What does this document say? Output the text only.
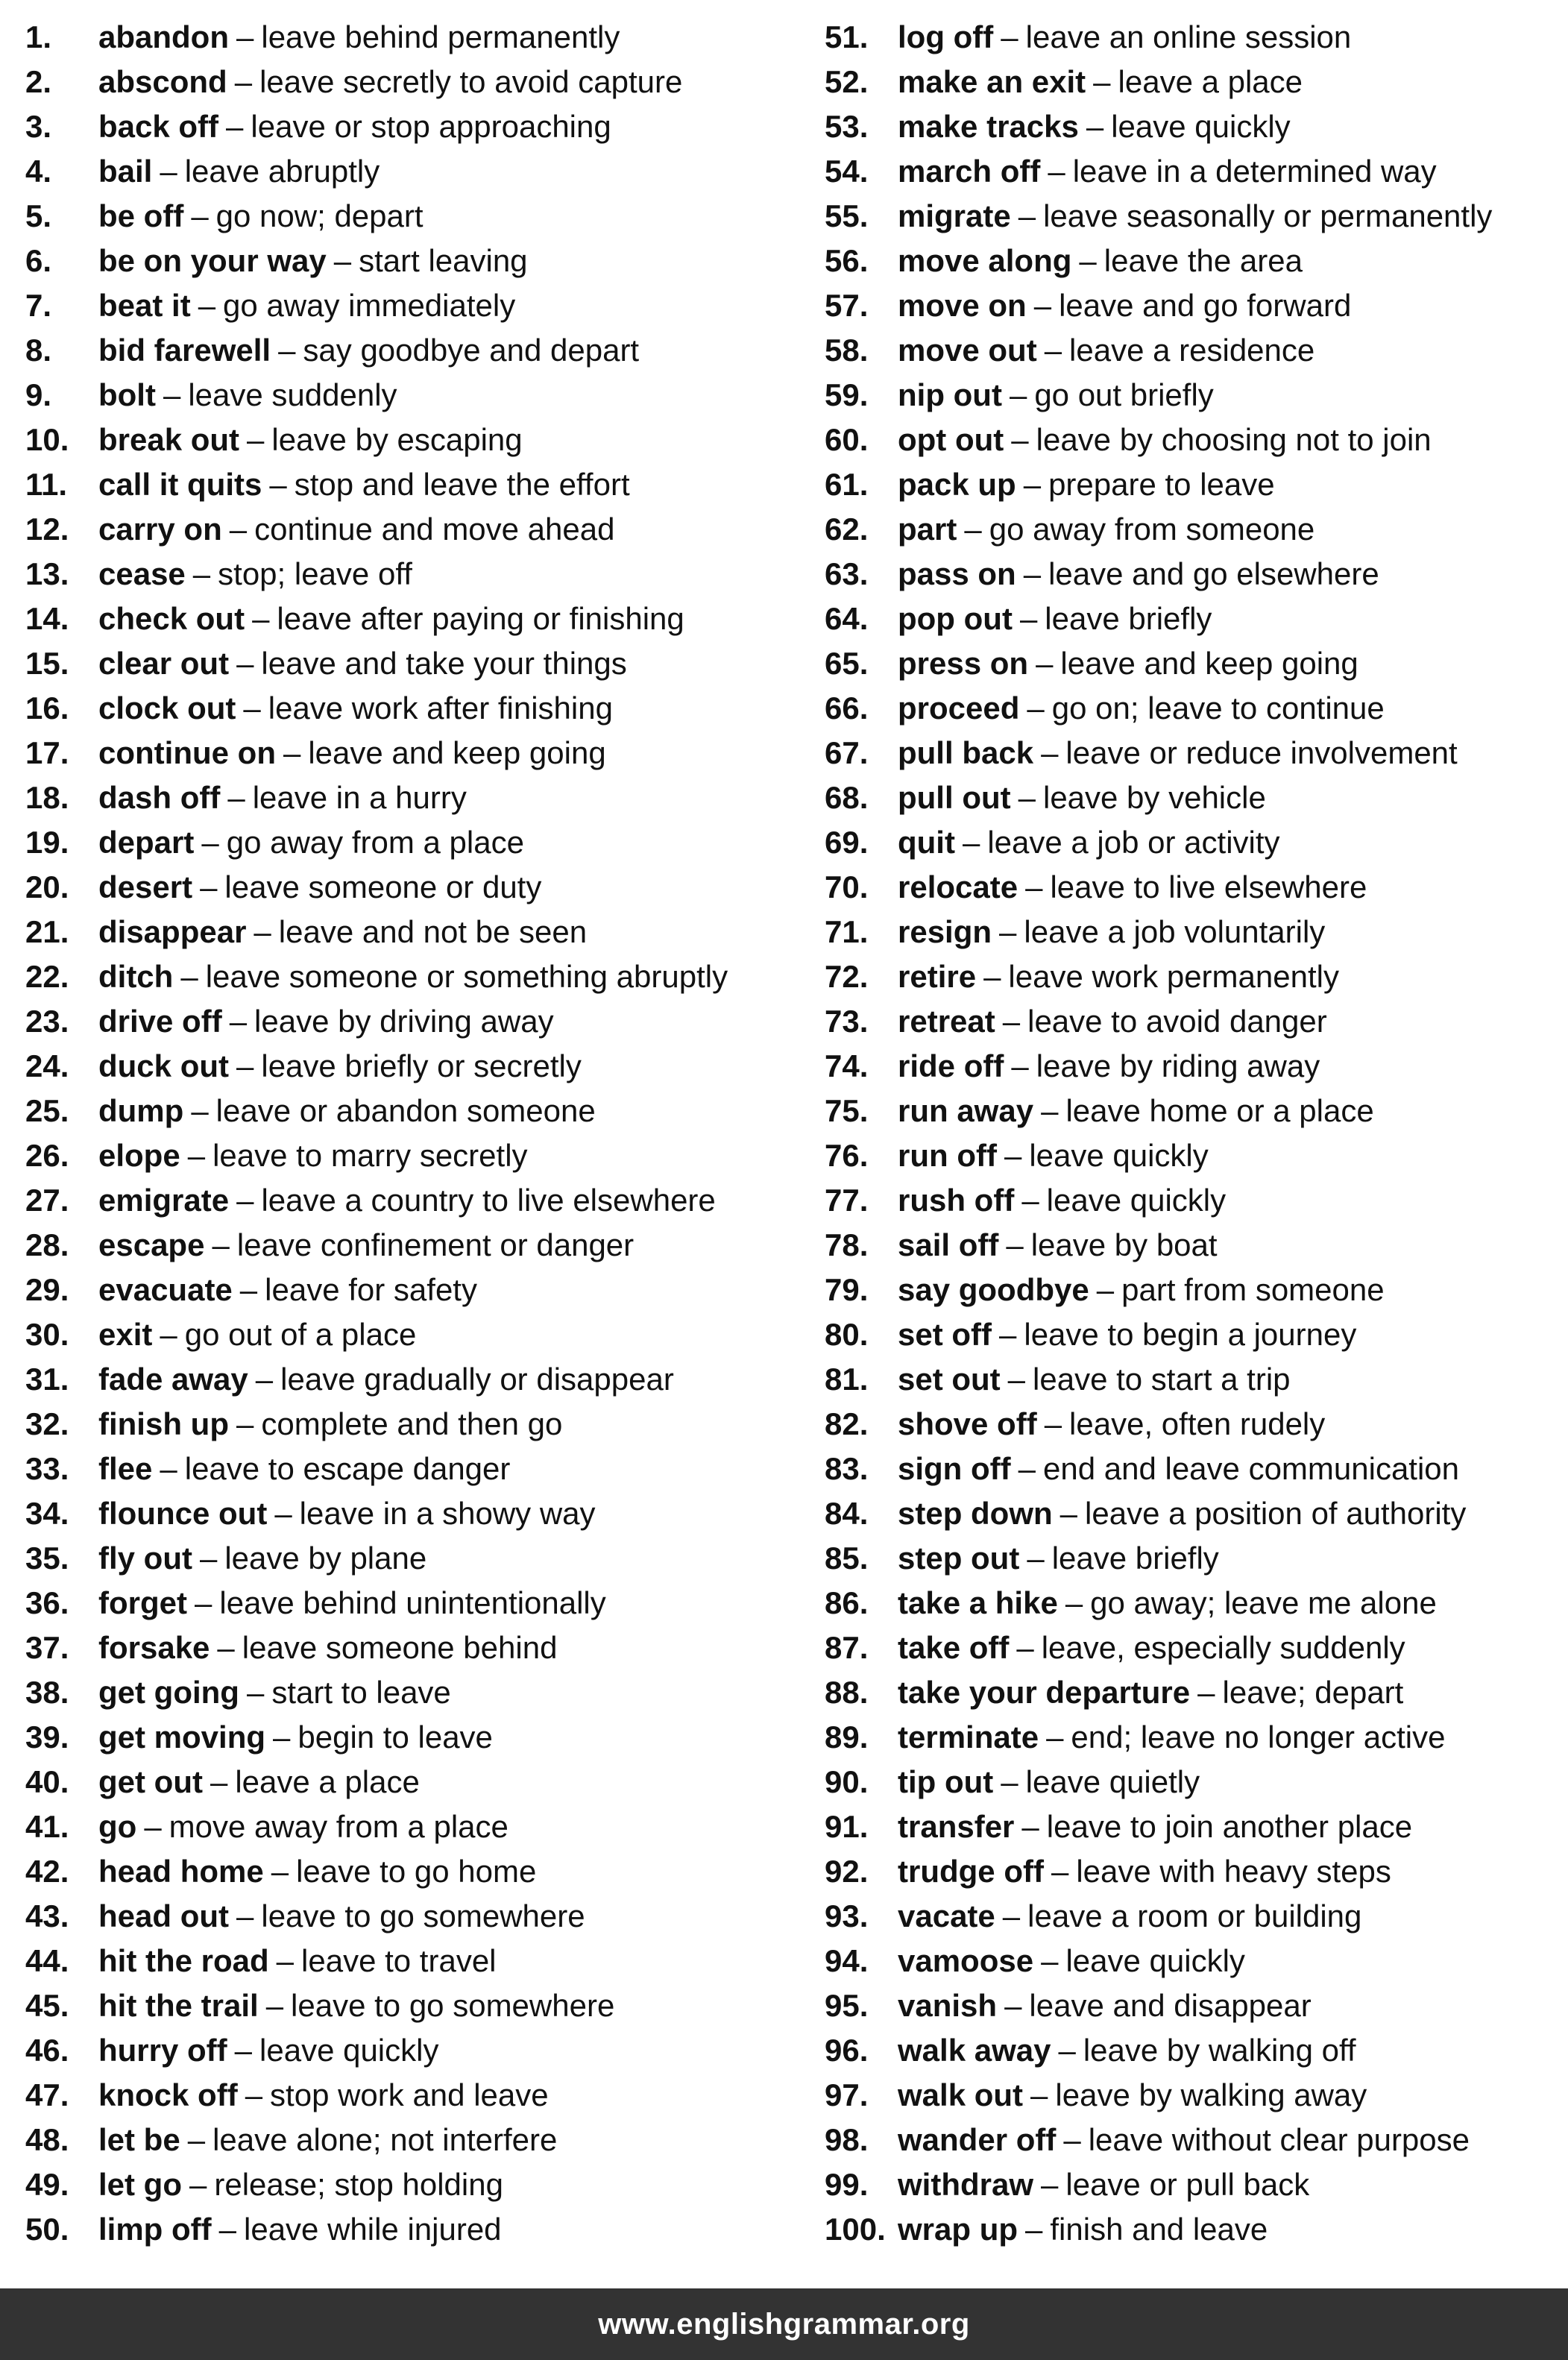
1.	abandon – leave behind permanently
2.	abscond – leave secretly to avoid capture
3.	back off – leave or stop approaching
4.	bail – leave abruptly
5.	be off – go now; depart
6.	be on your way – start leaving
7.	beat it – go away immediately
8.	bid farewell – say goodbye and depart
9.	bolt – leave suddenly
10. break out – leave by escaping
11. call it quits – stop and leave the effort
12. carry on – continue and move ahead
13. cease – stop; leave off
14. check out – leave after paying or finishing
15. clear out – leave and take your things
16. clock out – leave work after finishing
17. continue on – leave and keep going
18. dash off – leave in a hurry
19. depart – go away from a place
20. desert – leave someone or duty
21. disappear – leave and not be seen
22. ditch – leave someone or something abruptly
23. drive off – leave by driving away
24. duck out – leave briefly or secretly
25. dump – leave or abandon someone
26. elope – leave to marry secretly
27. emigrate – leave a country to live elsewhere
28. escape – leave confinement or danger
29. evacuate – leave for safety
30. exit – go out of a place
31. fade away – leave gradually or disappear
32. finish up – complete and then go
33. flee – leave to escape danger
34. flounce out – leave in a showy way
35. fly out – leave by plane
36. forget – leave behind unintentionally
37. forsake – leave someone behind
38. get going – start to leave
39. get moving – begin to leave
40. get out – leave a place
41. go – move away from a place
42. head home – leave to go home
43. head out – leave to go somewhere
44. hit the road – leave to travel
45. hit the trail – leave to go somewhere
46. hurry off – leave quickly
47. knock off – stop work and leave
48. let be – leave alone; not interfere
49. let go – release; stop holding
50. limp off – leave while injured
51. log off – leave an online session
52. make an exit – leave a place
53. make tracks – leave quickly
54. march off – leave in a determined way
55. migrate – leave seasonally or permanently
56. move along – leave the area
57. move on – leave and go forward
58. move out – leave a residence
59. nip out – go out briefly
60. opt out – leave by choosing not to join
61. pack up – prepare to leave
62. part – go away from someone
63. pass on – leave and go elsewhere
64. pop out – leave briefly
65. press on – leave and keep going
66. proceed – go on; leave to continue
67. pull back – leave or reduce involvement
68. pull out – leave by vehicle
69. quit – leave a job or activity
70. relocate – leave to live elsewhere
71. resign – leave a job voluntarily
72. retire – leave work permanently
73. retreat – leave to avoid danger
74. ride off – leave by riding away
75. run away – leave home or a place
76. run off – leave quickly
77. rush off – leave quickly
78. sail off – leave by boat
79. say goodbye – part from someone
80. set off – leave to begin a journey
81. set out – leave to start a trip
82. shove off – leave, often rudely
83. sign off – end and leave communication
84. step down – leave a position of authority
85. step out – leave briefly
86. take a hike – go away; leave me alone
87. take off – leave, especially suddenly
88. take your departure – leave; depart
89. terminate – end; leave no longer active
90. tip out – leave quietly
91. transfer – leave to join another place
92. trudge off – leave with heavy steps
93. vacate – leave a room or building
94. vamoose – leave quickly
95. vanish – leave and disappear
96. walk away – leave by walking off
97. walk out – leave by walking away
98. wander off – leave without clear purpose
99. withdraw – leave or pull back
100. wrap up – finish and leave
www.englishgrammar.org
